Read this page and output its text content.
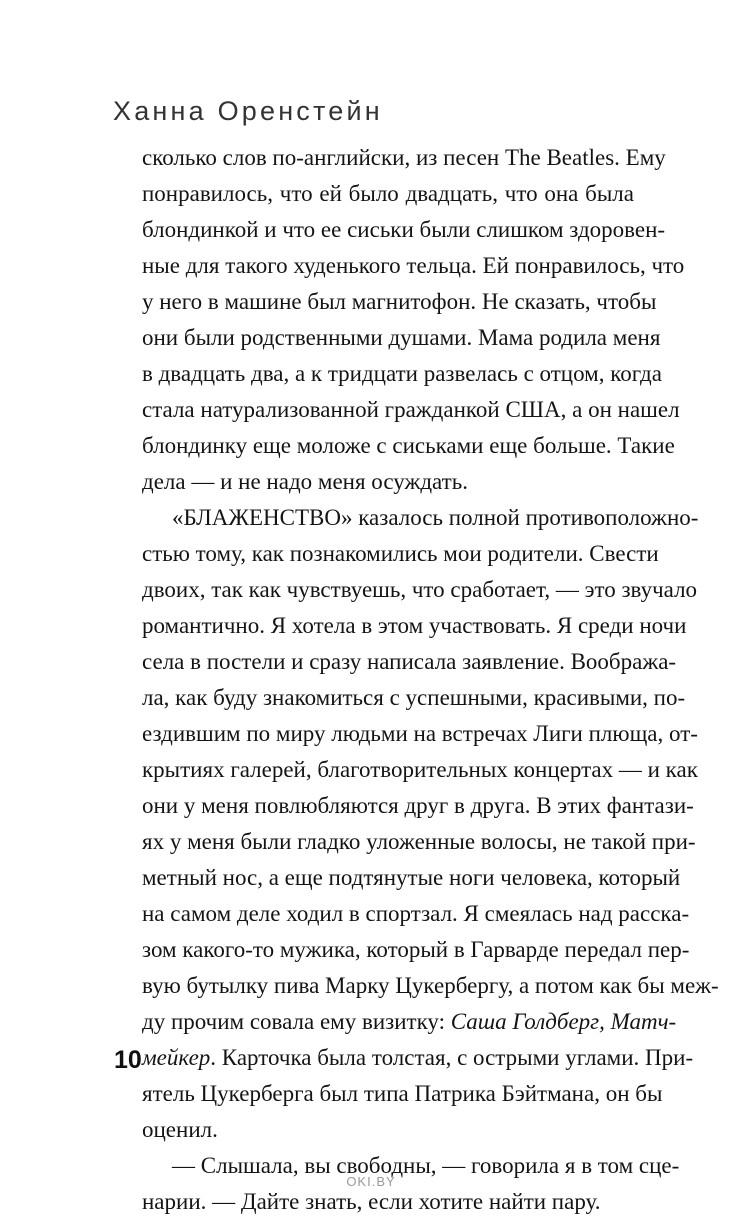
Ханна Оренстейн
сколько слов по-английски, из песен The Beatles. Ему
понравилось, что ей было двадцать, что она была
блондинкой и что ее сиськи были слишком здоровен-
ные для такого худенького тельца. Ей понравилось, что
у него в машине был магнитофон. Не сказать, чтобы
они были родственными душами. Мама родила меня
в двадцать два, а к тридцати развелась с отцом, когда
стала натурализованной гражданкой США, а он нашел
блондинку еще моложе с сиськами еще больше. Такие
дела — и не надо меня осуждать.
«БЛАЖЕНСТВО» казалось полной противоположно-
стью тому, как познакомились мои родители. Свести
двоих, так как чувствуешь, что сработает, — это звучало
романтично. Я хотела в этом участвовать. Я среди ночи
села в постели и сразу написала заявление. Вообража-
ла, как буду знакомиться с успешными, красивыми, по-
ездившим по миру людьми на встречах Лиги плюща, от-
крытиях галерей, благотворительных концертах — и как
они у меня повлюбляются друг в друга. В этих фантази-
ях у меня были гладко уложенные волосы, не такой при-
метный нос, а еще подтянутые ноги человека, который
на самом деле ходил в спортзал. Я смеялась над расска-
зом какого-то мужика, который в Гарварде передал пер-
вую бутылку пива Марку Цукербергу, а потом как бы меж-
ду прочим совала ему визитку: Саша Голдберг, Матч-
мейкер. Карточка была толстая, с острыми углами. При-
ятель Цукерберга был типа Патрика Бэйтмана, он бы
оценил.
— Слышала, вы свободны, — говорила я в том сце-
нарии. — Дайте знать, если хотите найти пару.

10

OKI.BY
